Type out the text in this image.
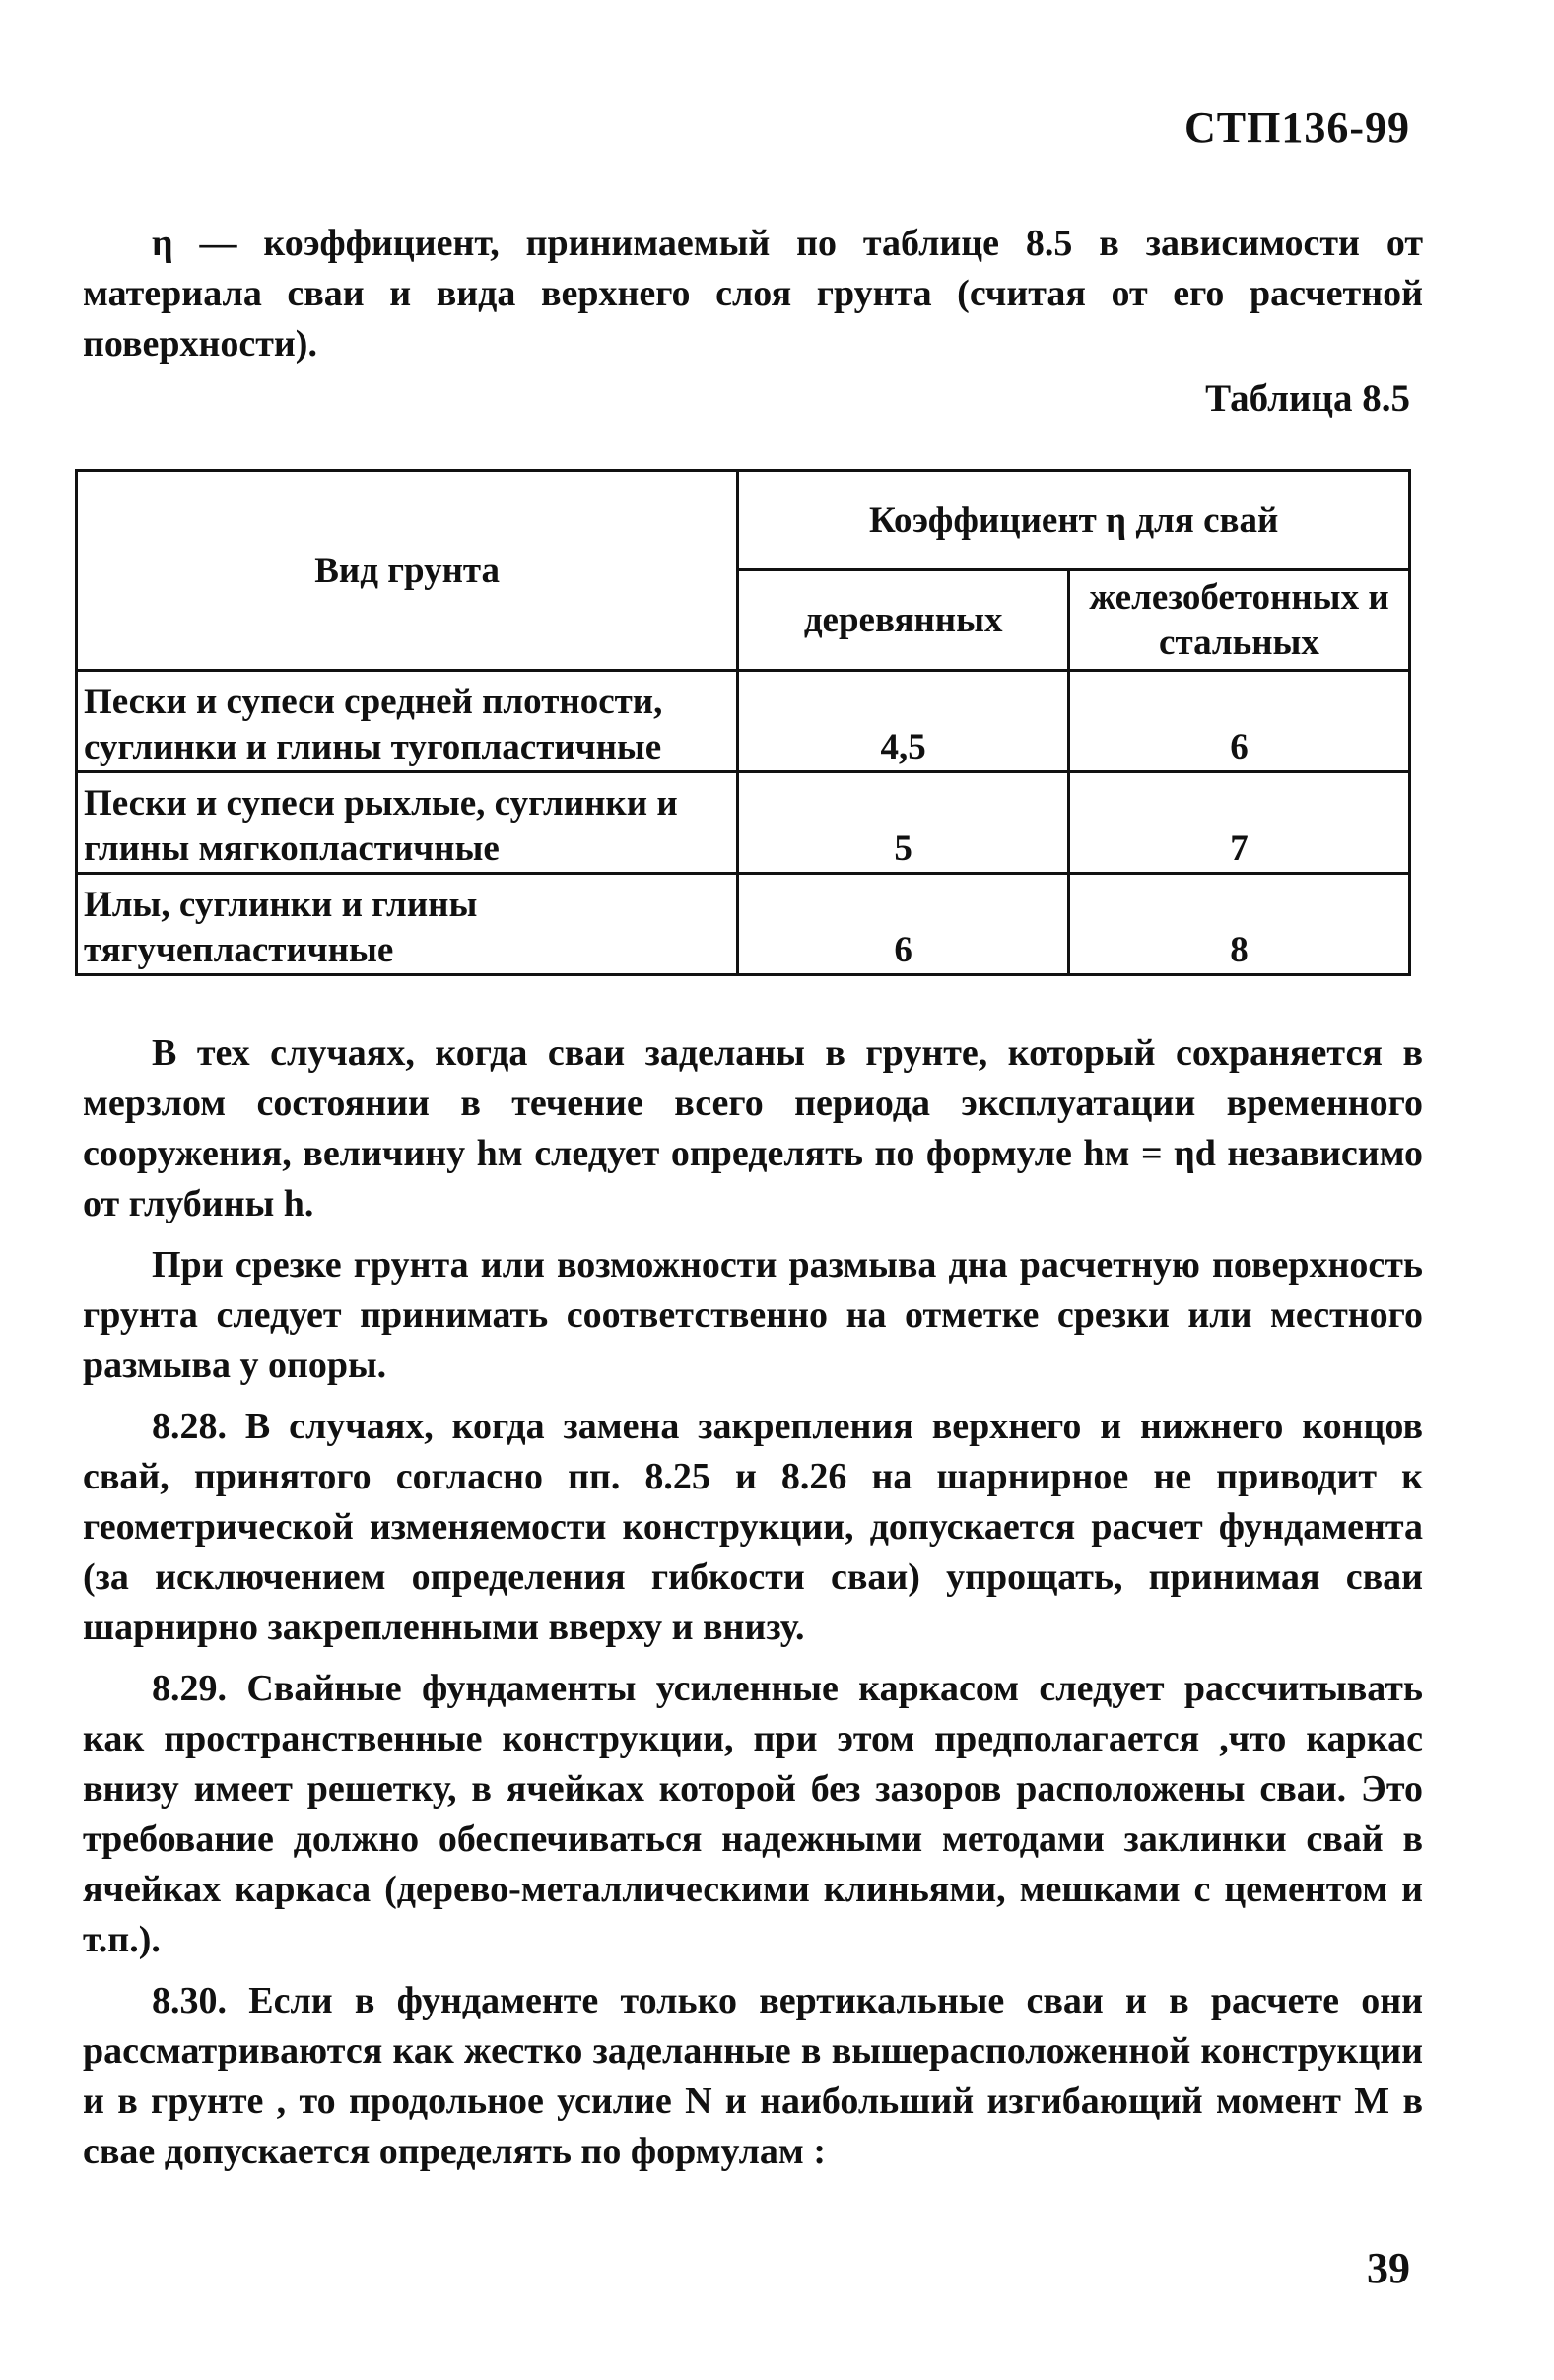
СТП136-99

η — коэффициент, принимаемый по таблице 8.5 в зависимости от материала сваи и вида верхнего слоя грунта (считая от его расчетной поверхности).

Таблица 8.5
Вид грунта	Коэффициент η для свай	
	деревянных	железобетонных и стальных
Пески и супеси средней плотности, суглинки и глины тугопластичные	4,5	6
Пески и супеси рыхлые, суглинки и глины мягкопластичные	5	7
Илы, суглинки и глины тягучепластичные	6	8

В тех случаях, когда сваи заделаны в грунте, который сохраняется в мерзлом состоянии в течение всего периода эксплуатации временного сооружения, величину hм следует определять по формуле hм = ηd независимо от глубины h.

При срезке грунта или возможности размыва дна расчетную поверхность грунта следует принимать соответственно на отметке срезки или местного размыва у опоры.

8.28. В случаях, когда замена закрепления верхнего и нижнего концов свай, принятого согласно пп. 8.25 и 8.26 на шарнирное не приводит к геометрической изменяемости конструкции, допускается расчет фундамента (за исключением определения гибкости сваи) упрощать, принимая сваи шарнирно закрепленными вверху и внизу.

8.29. Свайные фундаменты усиленные каркасом следует рассчитывать как пространственные конструкции, при этом предполагается ,что каркас внизу имеет решетку, в ячейках которой без зазоров расположены сваи. Это требование должно обеспечиваться надежными методами заклинки свай в ячейках каркаса (дерево-металлическими клиньями, мешками с цементом и т.п.).

8.30. Если в фундаменте только вертикальные сваи и в расчете они рассматриваются как жестко заделанные в вышерасположенной конструкции и в грунте , то продольное усилие N и наибольший изгибающий момент M в свае допускается определять по формулам :

39
